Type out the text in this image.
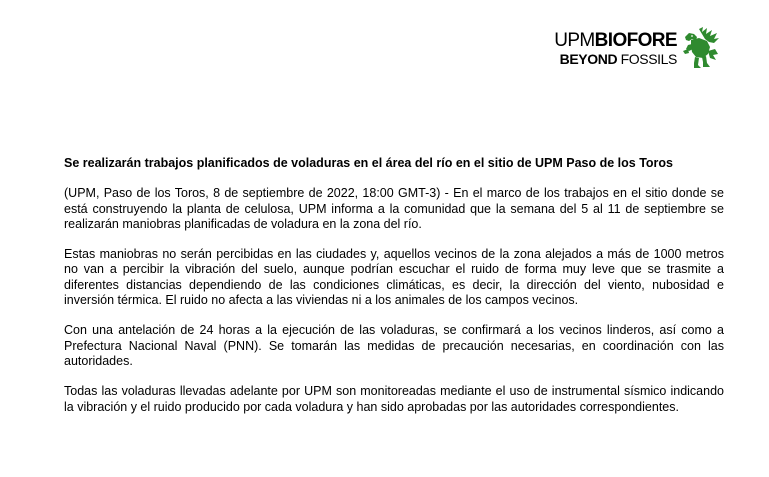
UPMBIOFORE
BEYOND FOSSILS

Se realizarán trabajos planificados de voladuras en el área del río en el sitio de UPM Paso de los Toros

(UPM, Paso de los Toros, 8 de septiembre de 2022, 18:00 GMT-3) - En el marco de los trabajos en el sitio donde se está construyendo la planta de celulosa, UPM informa a la comunidad que la semana del 5 al 11 de septiembre se realizarán maniobras planificadas de voladura en la zona del río.

Estas maniobras no serán percibidas en las ciudades y, aquellos vecinos de la zona alejados a más de 1000 metros no van a percibir la vibración del suelo, aunque podrían escuchar el ruido de forma muy leve que se trasmite a diferentes distancias dependiendo de las condiciones climáticas, es decir, la dirección del viento, nubosidad e inversión térmica. El ruido no afecta a las viviendas ni a los animales de los campos vecinos.

Con una antelación de 24 horas a la ejecución de las voladuras, se confirmará a los vecinos linderos, así como a Prefectura Nacional Naval (PNN). Se tomarán las medidas de precaución necesarias, en coordinación con las autoridades.

Todas las voladuras llevadas adelante por UPM son monitoreadas mediante el uso de instrumental sísmico indicando la vibración y el ruido producido por cada voladura y han sido aprobadas por las autoridades correspondientes.
